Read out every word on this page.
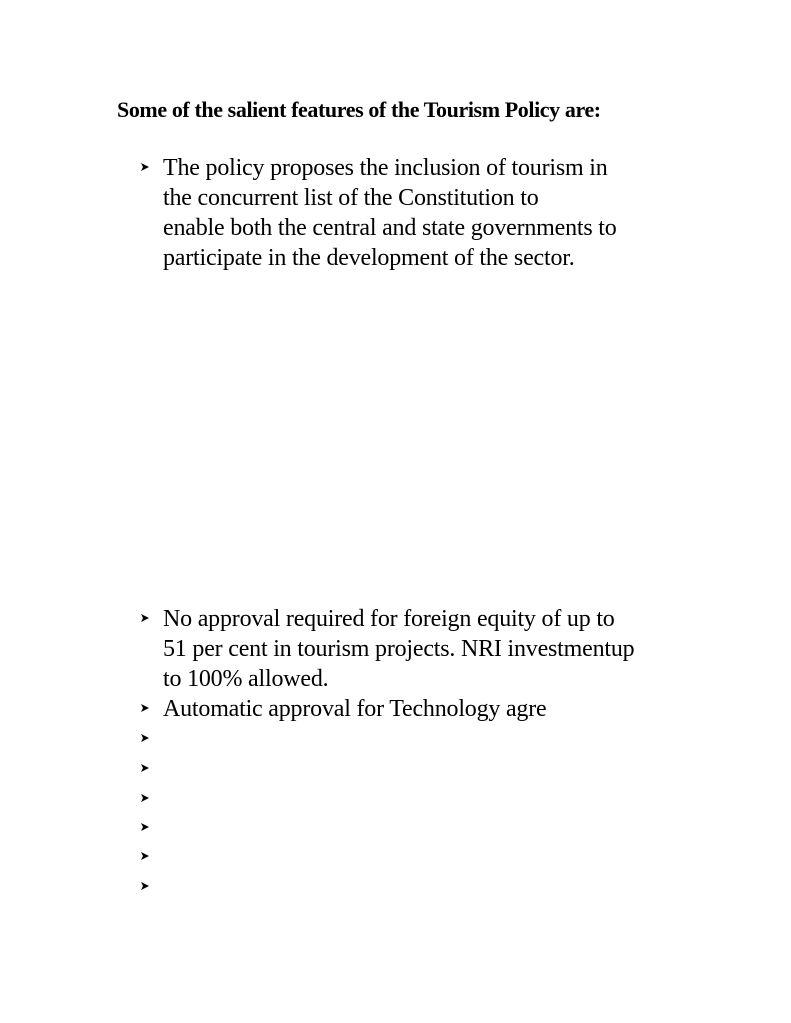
Some of the salient features of the Tourism Policy are:
The policy proposes the inclusion of tourism in
the concurrent list of the Constitution to
enable both the central and state governments to
participate in the development of the sector.
No approval required for foreign equity of up to
51 per cent in tourism projects. NRI investmentup
to 100% allowed.
Automatic approval for Technology agre
